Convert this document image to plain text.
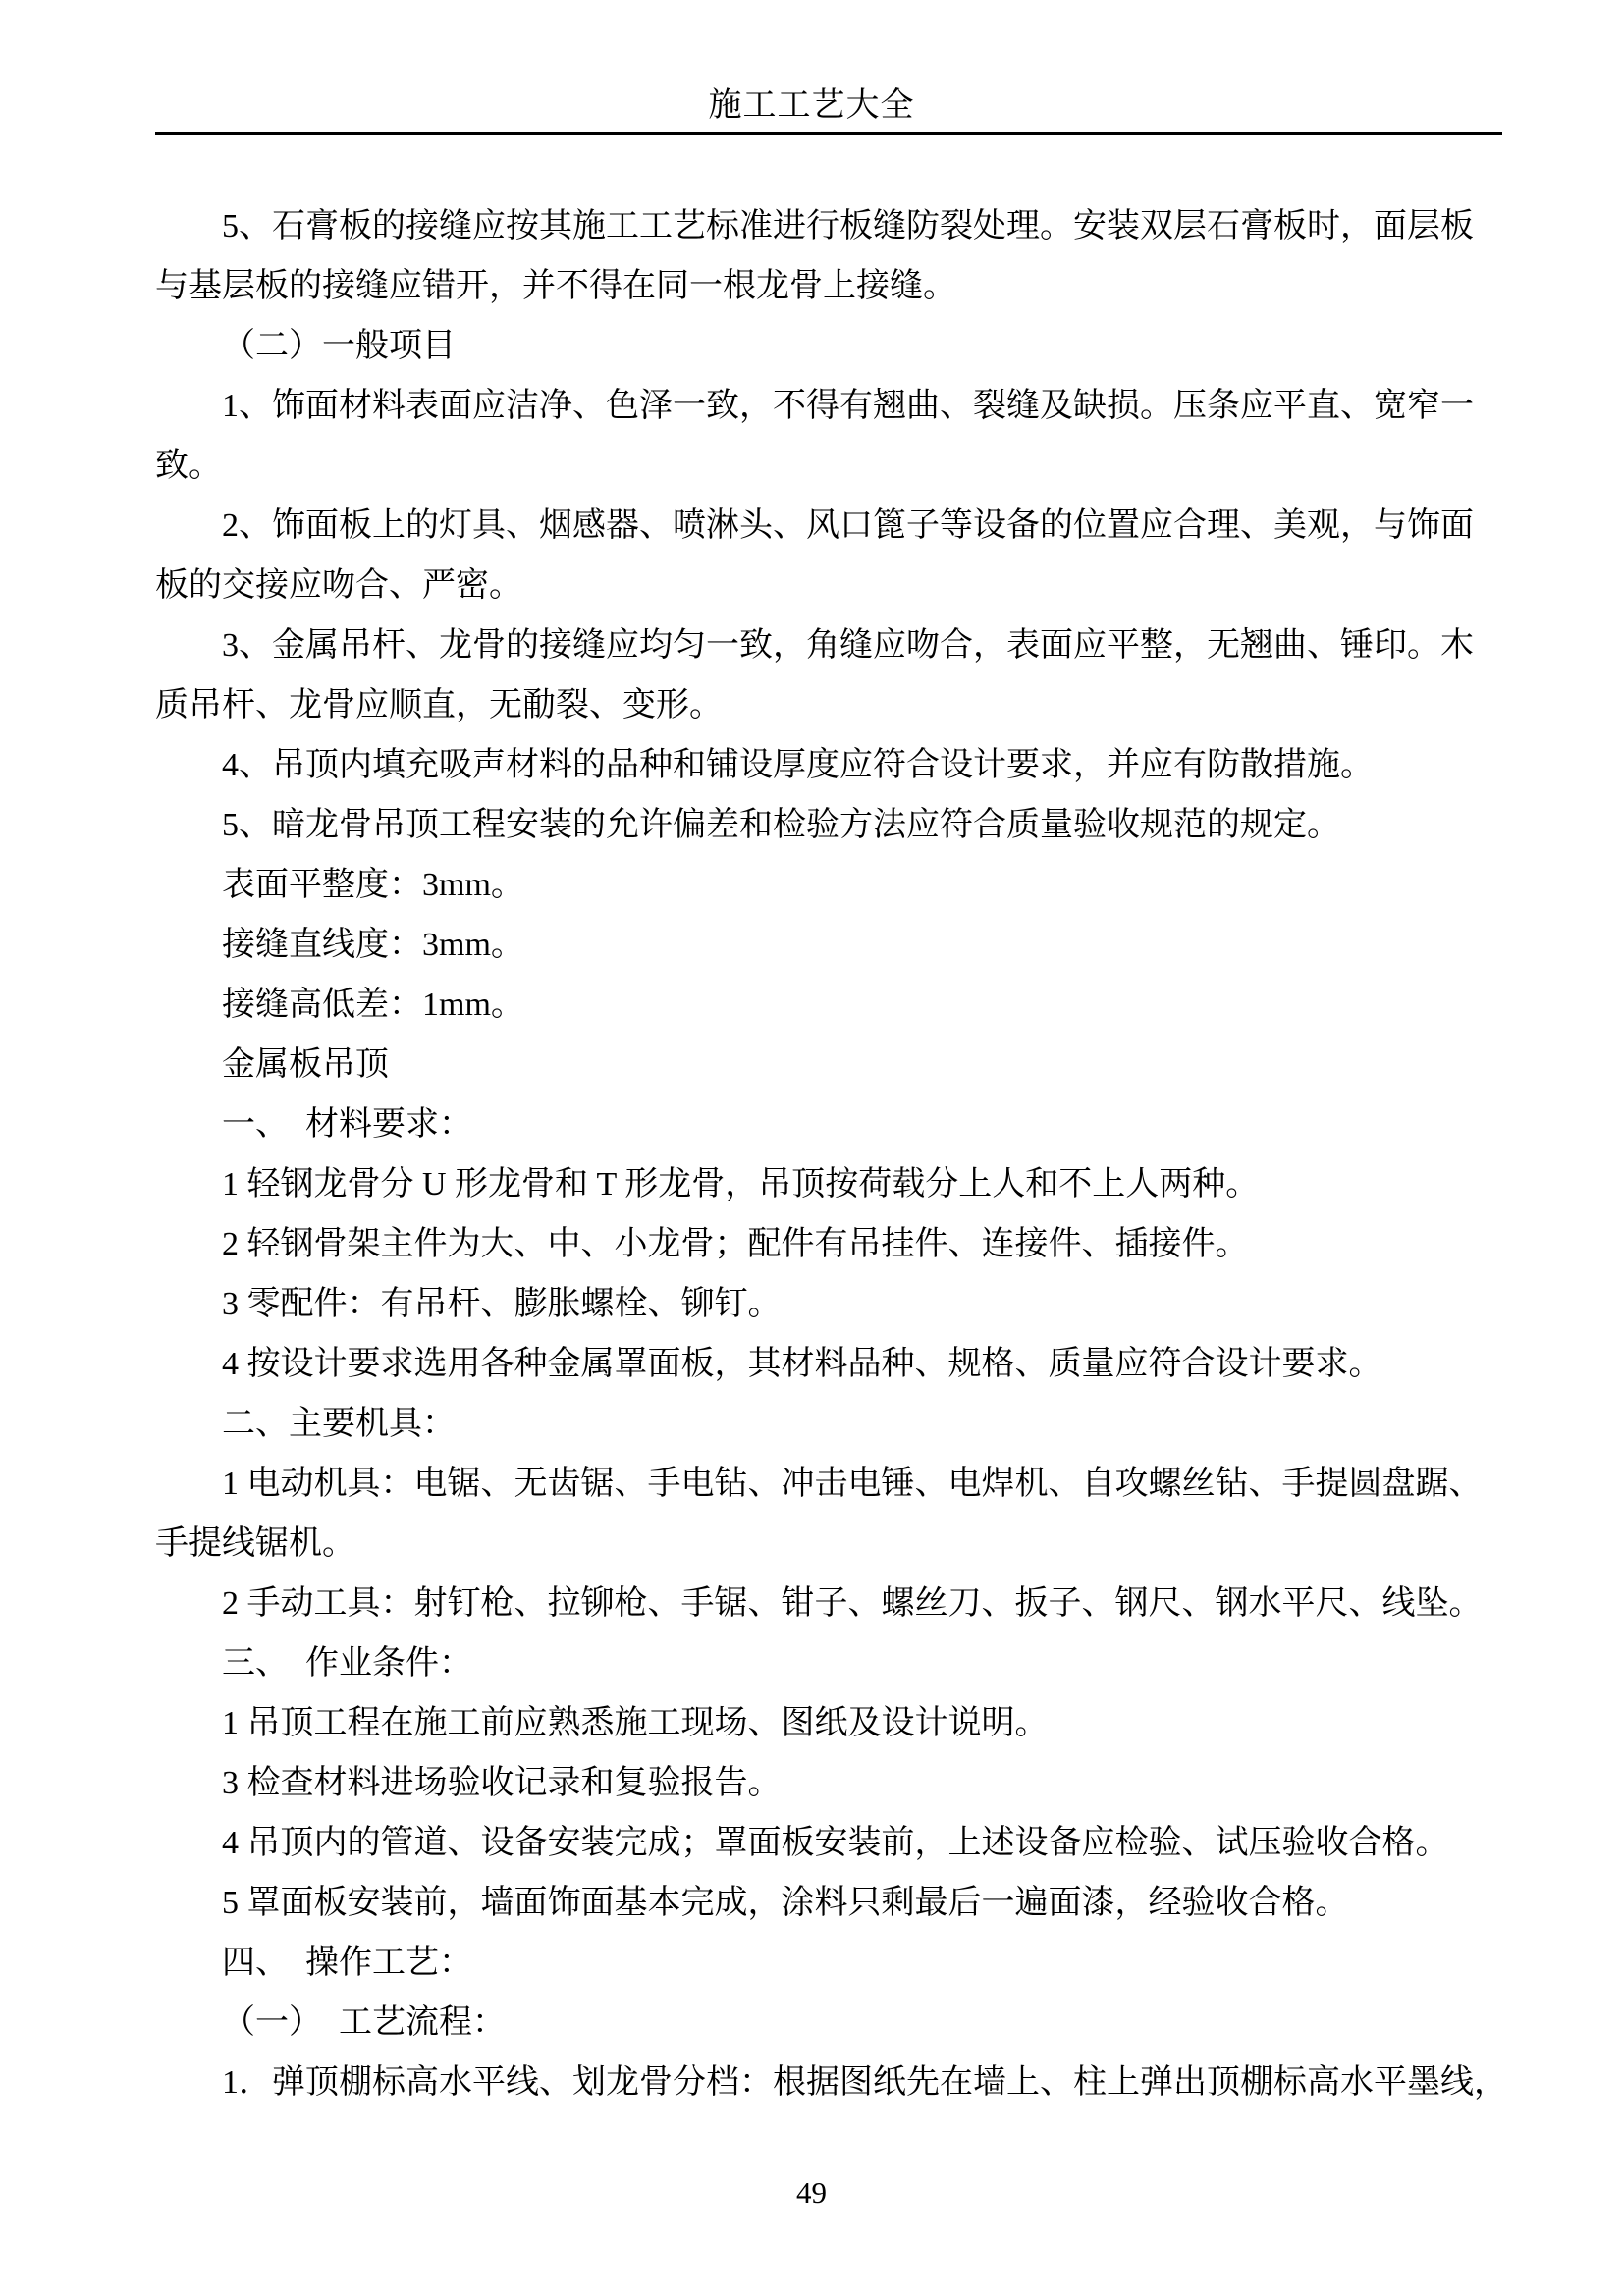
施工工艺大全
5、石膏板的接缝应按其施工工艺标准进行板缝防裂处理。安装双层石膏板时，面层板
与基层板的接缝应错开，并不得在同一根龙骨上接缝。
（二）一般项目
1、饰面材料表面应洁净、色泽一致，不得有翘曲、裂缝及缺损。压条应平直、宽窄一
致。
2、饰面板上的灯具、烟感器、喷淋头、风口篦子等设备的位置应合理、美观，与饰面
板的交接应吻合、严密。
3、金属吊杆、龙骨的接缝应均匀一致，角缝应吻合，表面应平整，无翘曲、锤印。木
质吊杆、龙骨应顺直，无勈裂、变形。
4、吊顶内填充吸声材料的品种和铺设厚度应符合设计要求，并应有防散措施。
5、暗龙骨吊顶工程安装的允许偏差和检验方法应符合质量验收规范的规定。
表面平整度：3mm。
接缝直线度：3mm。
接缝高低差：1mm。
金属板吊顶
一、　材料要求：
1 轻钢龙骨分 U 形龙骨和 T 形龙骨，吊顶按荷载分上人和不上人两种。
2 轻钢骨架主件为大、中、小龙骨；配件有吊挂件、连接件、插接件。
3 零配件：有吊杆、膨胀螺栓、铆钉。
4 按设计要求选用各种金属罩面板，其材料品种、规格、质量应符合设计要求。
二、主要机具：
1 电动机具：电锯、无齿锯、手电钻、冲击电锤、电焊机、自攻螺丝钻、手提圆盘踞、
手提线锯机。
2 手动工具：射钉枪、拉铆枪、手锯、钳子、螺丝刀、扳子、钢尺、钢水平尺、线坠。
三、　作业条件：
1 吊顶工程在施工前应熟悉施工现场、图纸及设计说明。
3 检查材料进场验收记录和复验报告。
4 吊顶内的管道、设备安装完成；罩面板安装前，上述设备应检验、试压验收合格。
5 罩面板安装前，墙面饰面基本完成，涂料只剩最后一遍面漆，经验收合格。
四、　操作工艺：
（一）　工艺流程：
1．弹顶棚标高水平线、划龙骨分档：根据图纸先在墙上、柱上弹出顶棚标高水平墨线，
49
